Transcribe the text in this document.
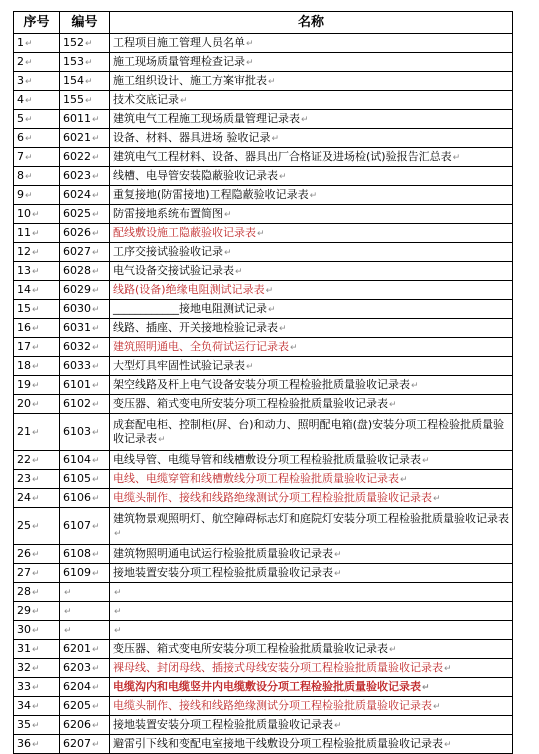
序号	编号	名称
1↵	152↵	工程项目施工管理人员名单↵
2↵	153↵	施工现场质量管理检查记录↵
3↵	154↵	施工组织设计、施工方案审批表↵
4↵	155↵	技术交底记录↵
5↵	6011↵	建筑电气工程施工现场质量管理记录表↵
6↵	6021↵	设备、材料、器具进场 验收记录↵
7↵	6022↵	建筑电气工程材料、设备、器具出厂合格证及进场检(试)验报告汇总表↵
8↵	6023↵	线槽、电导管安装隐蔽验收记录表↵
9↵	6024↵	重复接地(防雷接地)工程隐蔽验收记录表↵
10↵	6025↵	防雷接地系统布置简图↵
11↵	6026↵	配线敷设施工隐蔽验收记录表↵
12↵	6027↵	工序交接试验验收记录↵
13↵	6028↵	电气设备交接试验记录表↵
14↵	6029↵	线路(设备)绝缘电阻测试记录表↵
15↵	6030↵	____________接地电阻测试记录↵
16↵	6031↵	线路、插座、开关接地检验记录表↵
17↵	6032↵	建筑照明通电、全负荷试运行记录表↵
18↵	6033↵	大型灯具牢固性试验记录表↵
19↵	6101↵	架空线路及杆上电气设备安装分项工程检验批质量验收记录表↵
20↵	6102↵	变压器、箱式变电所安装分项工程检验批质量验收记录表↵
21↵	6103↵	成套配电柜、控制柜(屏、台)和动力、照明配电箱(盘)安装分项工程检验批质量验收记录表↵
22↵	6104↵	电线导管、电缆导管和线槽敷设分项工程检验批质量验收记录表↵
23↵	6105↵	电线、电缆穿管和线槽敷线分项工程检验批质量验收记录表↵
24↵	6106↵	电缆头制作、接线和线路绝缘测试分项工程检验批质量验收记录表↵
25↵	6107↵	建筑物景观照明灯、航空障碍标志灯和庭院灯安装分项工程检验批质量验收记录表↵
26↵	6108↵	建筑物照明通电试运行检验批质量验收记录表↵
27↵	6109↵	接地装置安装分项工程检验批质量验收记录表↵
28↵	↵	↵
29↵	↵	↵
30↵	↵	↵
31↵	6201↵	变压器、箱式变电所安装分项工程检验批质量验收记录表↵
32↵	6203↵	裸母线、封闭母线、插接式母线安装分项工程检验批质量验收记录表↵
33↵	6204↵	电缆沟内和电缆竖井内电缆敷设分项工程检验批质量验收记录表↵
34↵	6205↵	电缆头制作、接线和线路绝缘测试分项工程检验批质量验收记录表↵
35↵	6206↵	接地装置安装分项工程检验批质量验收记录表↵
36↵	6207↵	避雷引下线和变配电室接地干线敷设分项工程检验批质量验收记录表↵
